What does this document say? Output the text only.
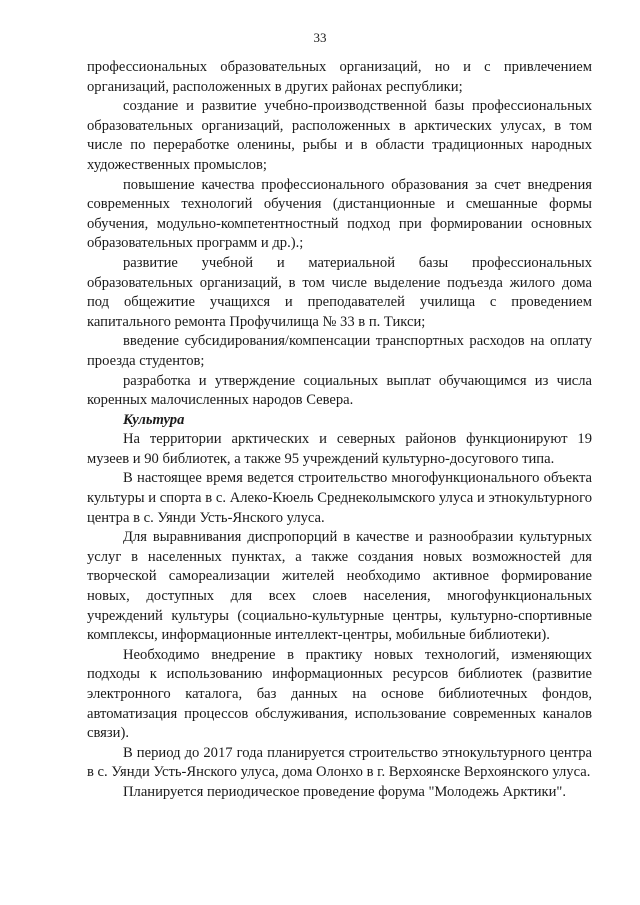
33

профессиональных образовательных организаций, но и с привлечением организаций, расположенных в других районах республики;

создание и развитие учебно-производственной базы профессиональных образовательных организаций, расположенных в арктических улусах, в том числе по переработке оленины, рыбы и в области традиционных народных художественных промыслов;

повышение качества профессионального образования за счет внедрения современных технологий обучения (дистанционные и смешанные формы обучения, модульно-компетентностный подход при формировании основных образовательных программ и др.).;

развитие учебной и материальной базы профессиональных образовательных организаций, в том числе выделение подъезда жилого дома под общежитие учащихся и преподавателей училища с проведением капитального ремонта Профучилища № 33 в п. Тикси;

введение субсидирования/компенсации транспортных расходов на оплату проезда студентов;

разработка и утверждение социальных выплат обучающимся из числа коренных малочисленных народов Севера.

Культура

На территории арктических и северных районов функционируют 19 музеев и 90 библиотек, а также 95 учреждений культурно-досугового типа.

В настоящее время ведется строительство многофункционального объекта культуры и спорта в с. Алеко-Кюель Среднеколымского улуса и этнокультурного центра в с. Уянди Усть-Янского улуса.

Для выравнивания диспропорций в качестве и разнообразии культурных услуг в населенных пунктах, а также создания новых возможностей для творческой самореализации жителей необходимо активное формирование новых, доступных для всех слоев населения, многофункциональных учреждений культуры (социально-культурные центры, культурно-спортивные комплексы, информационные интеллект-центры, мобильные библиотеки).

Необходимо внедрение в практику новых технологий, изменяющих подходы к использованию информационных ресурсов библиотек (развитие электронного каталога, баз данных на основе библиотечных фондов, автоматизация процессов обслуживания, использование современных каналов связи).

В период до 2017 года планируется строительство этнокультурного центра в с. Уянди Усть-Янского улуса, дома Олонхо в г. Верхоянске Верхоянского улуса.

Планируется периодическое проведение форума "Молодежь Арктики".
